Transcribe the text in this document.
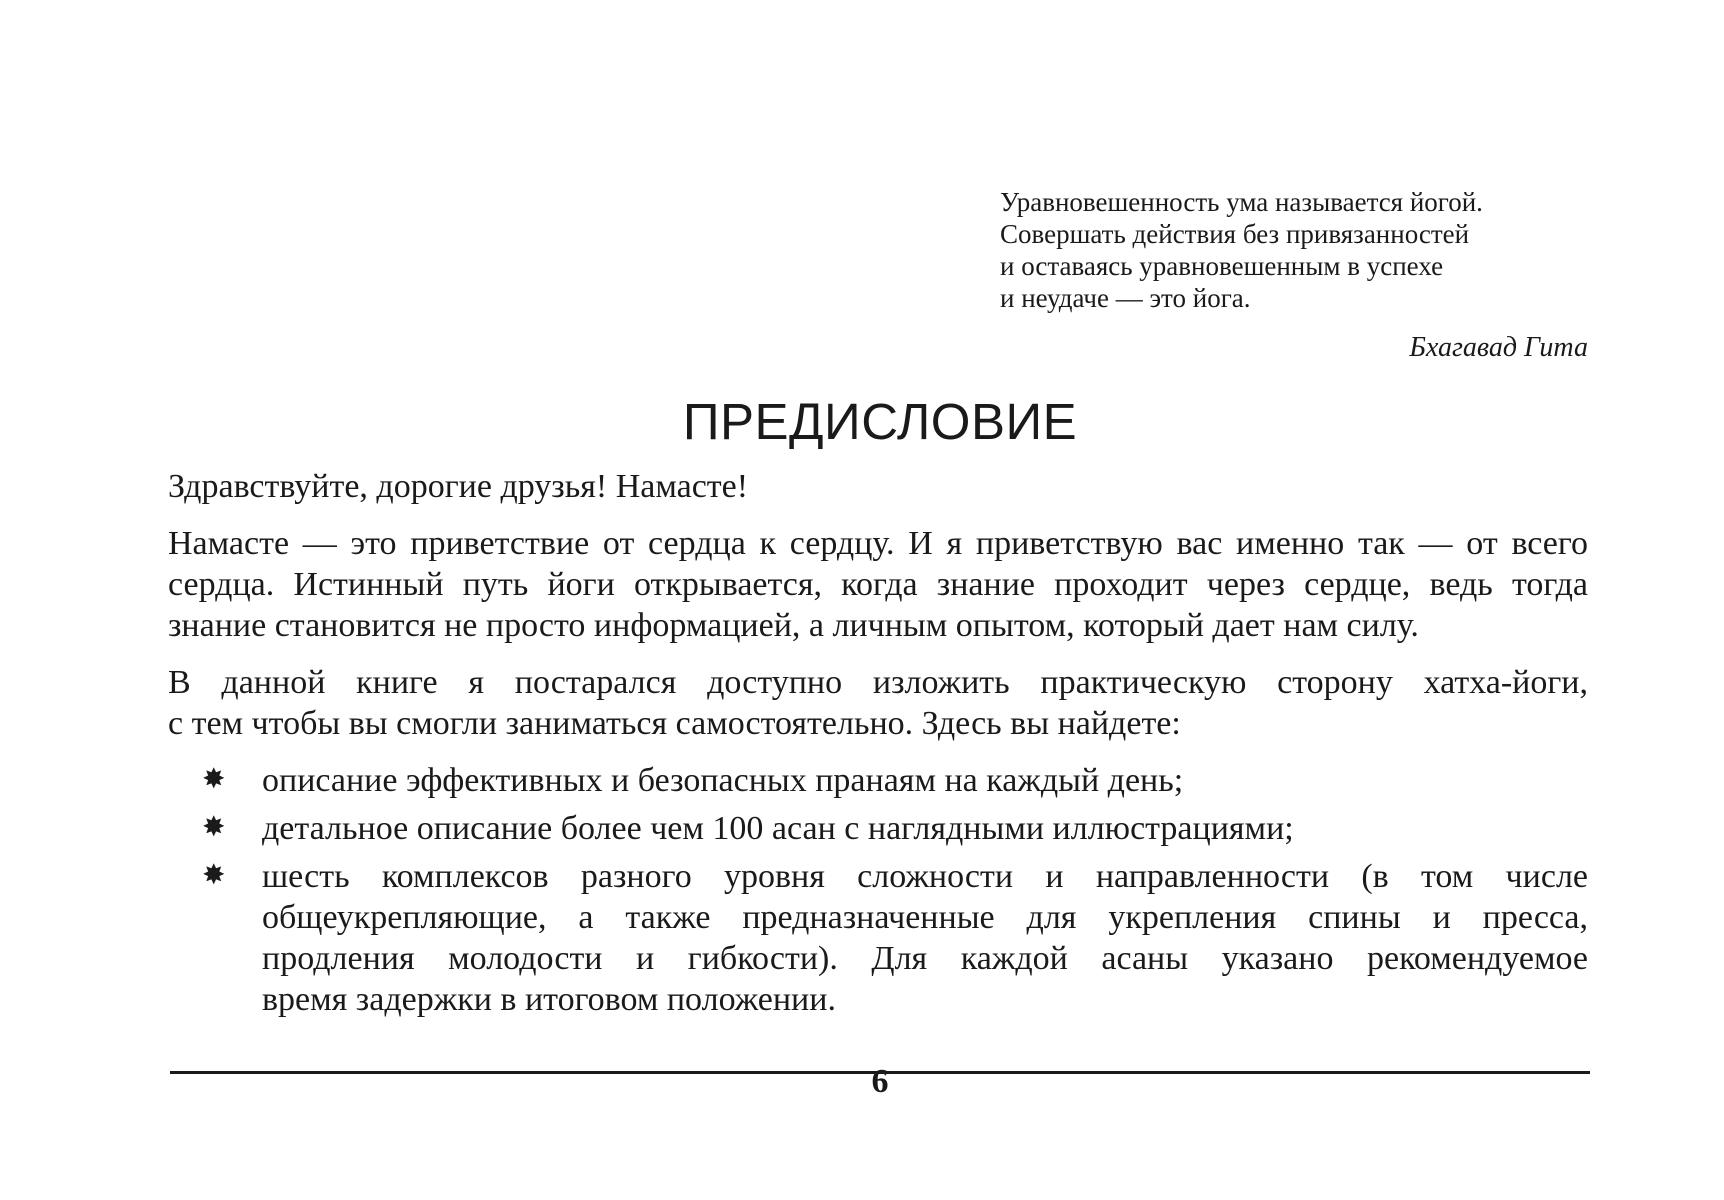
Уравновешенность ума называется йогой.
Совершать действия без привязанностей
и оставаясь уравновешенным в успехе
и неудаче — это йога.
Бхагавад Гита
ПРЕДИСЛОВИЕ

Здравствуйте, дорогие друзья! Намасте!

Намасте — это приветствие от сердца к сердцу. И я приветствую вас именно так — от всего
сердца. Истинный путь йоги открывается, когда знание проходит через сердце, ведь тогда
знание становится не просто информацией, а личным опытом, который дает нам силу.

В данной книге я постарался доступно изложить практическую сторону хатха-йоги,
с тем чтобы вы смогли заниматься самостоятельно. Здесь вы найдете:

✸ описание эффективных и безопасных пранаям на каждый день;
✸ детальное описание более чем 100 асан с наглядными иллюстрациями;
✸ шесть комплексов разного уровня сложности и направленности (в том числе
общеукрепляющие, а также предназначенные для укрепления спины и пресса,
продления молодости и гибкости). Для каждой асаны указано рекомендуемое
время задержки в итоговом положении.
6
